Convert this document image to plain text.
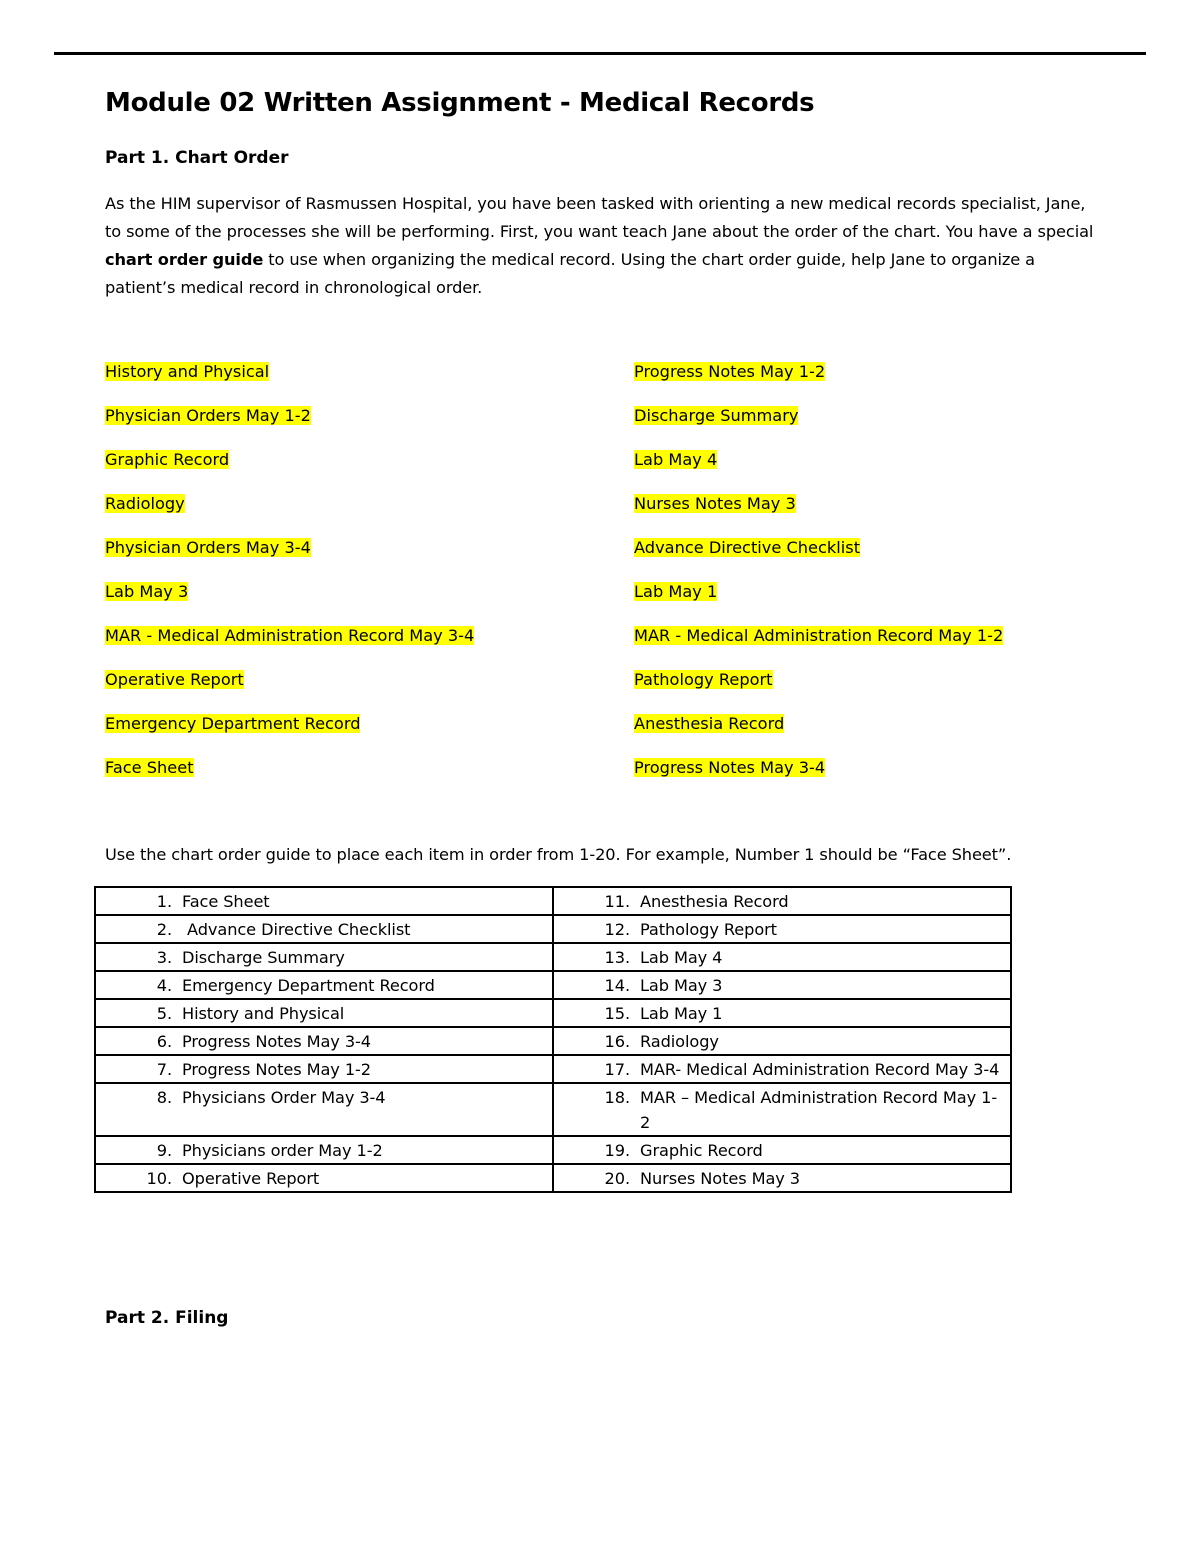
Module 02 Written Assignment - Medical Records
Part 1. Chart Order
As the HIM supervisor of Rasmussen Hospital, you have been tasked with orienting a new medical records specialist, Jane, to some of the processes she will be performing. First, you want teach Jane about the order of the chart. You have a special chart order guide to use when organizing the medical record. Using the chart order guide, help Jane to organize a patient’s medical record in chronological order.
History and Physical
Physician Orders May 1-2
Graphic Record
Radiology
Physician Orders May 3-4
Lab May 3
MAR - Medical Administration Record May 3-4
Operative Report
Emergency Department Record
Face Sheet
Progress Notes May 1-2
Discharge Summary
Lab May 4
Nurses Notes May 3
Advance Directive Checklist
Lab May 1
MAR - Medical Administration Record May 1-2
Pathology Report
Anesthesia Record
Progress Notes May 3-4
Use the chart order guide to place each item in order from 1-20. For example, Number 1 should be “Face Sheet”.
1. Face Sheet	11. Anesthesia Record

2. Advance Directive Checklist	12. Pathology Report

3. Discharge Summary	13. Lab May 4

4. Emergency Department Record	14. Lab May 3

5. History and Physical	15. Lab May 1

6. Progress Notes May 3-4	16. Radiology

7. Progress Notes May 1-2	17. MAR- Medical Administration Record May 3-4

8. Physicians Order May 3-4	18. MAR – Medical Administration Record May 1-2

9. Physicians order May 1-2	19. Graphic Record

10. Operative Report	20. Nurses Notes May 3
Part 2. Filing
